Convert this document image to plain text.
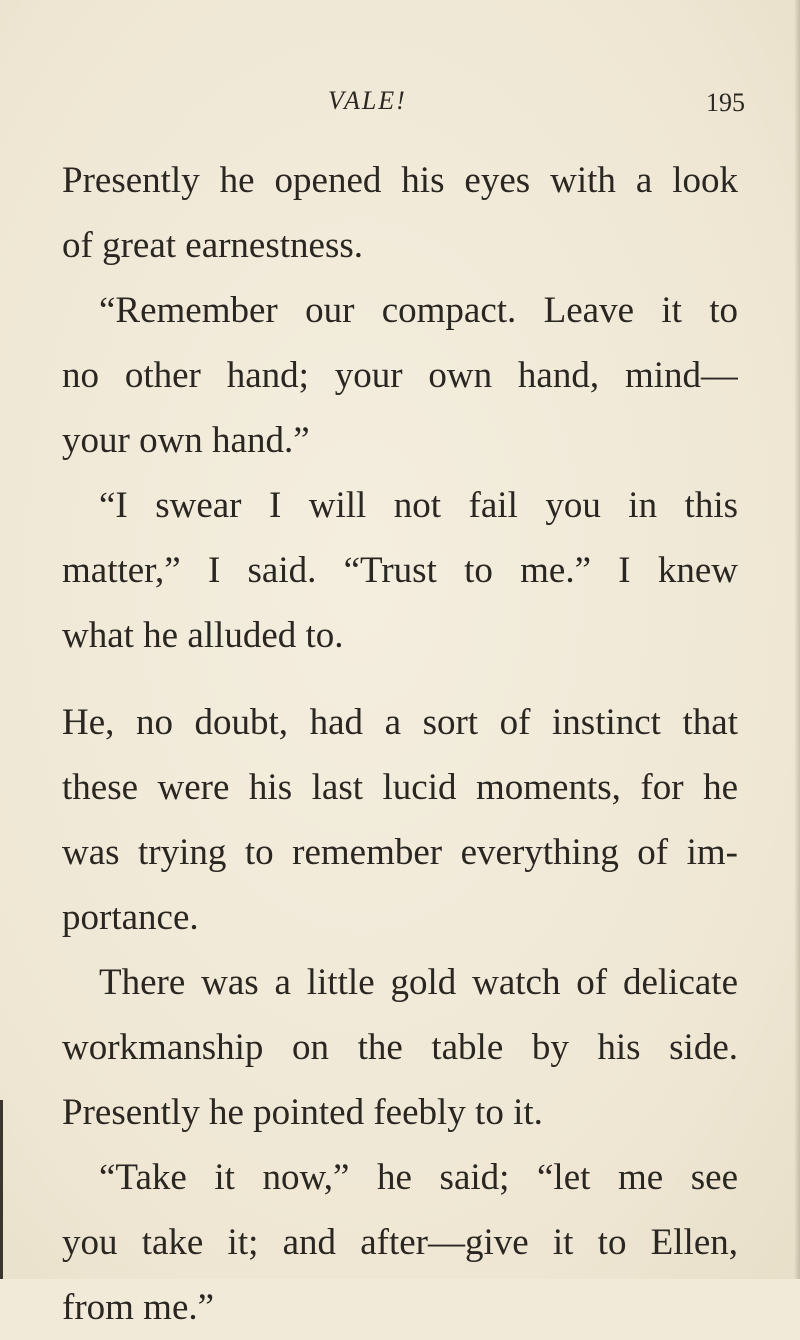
VALE!	195
Presently he opened his eyes with a look
of great earnestness.
“Remember our compact. Leave it to
no other hand; your own hand, mind—
your own hand.”
“I swear I will not fail you in this
matter,” I said. “Trust to me.” I knew
what he alluded to.
He, no doubt, had a sort of instinct that
these were his last lucid moments, for he
was trying to remember everything of im-
portance.
There was a little gold watch of delicate
workmanship on the table by his side.
Presently he pointed feebly to it.
“Take it now,” he said; “let me see
you take it; and after—give it to Ellen,
from me.”
